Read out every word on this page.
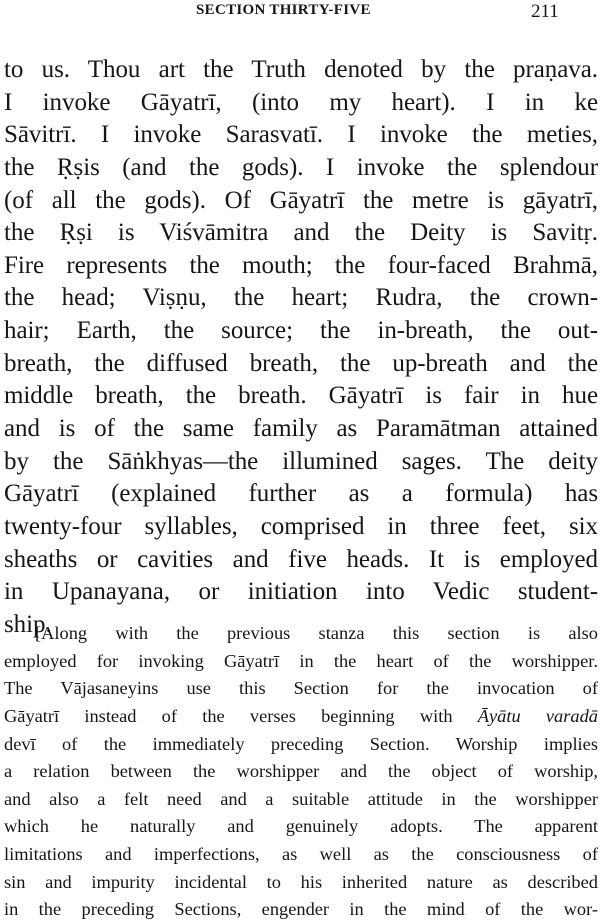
SECTION THIRTY-FIVE	211
to us. Thou art the Truth denoted by the praṇava.
I invoke Gāyatrī, (into my heart). I in ke
Sāvitrī. I invoke Sarasvatī. I invoke the meties,
the Ṛṣis (and the gods). I invoke the splendour
(of all the gods). Of Gāyatrī the metre is gāyatrī,
the Ṛṣi is Viśvāmitra and the Deity is Savitṛ.
Fire represents the mouth; the four-faced Brahmā,
the head; Viṣṇu, the heart; Rudra, the crown-
hair; Earth, the source; the in-breath, the out-
breath, the diffused breath, the up-breath and the
middle breath, the breath. Gāyatrī is fair in hue
and is of the same family as Paramātman attained
by the Sāṅkhyas—the illumined sages. The deity
Gāyatrī (explained further as a formula) has
twenty-four syllables, comprised in three feet, six
sheaths or cavities and five heads. It is employed
in Upanayana, or initiation into Vedic student-
ship.
[Along with the previous stanza this section is also
employed for invoking Gāyatrī in the heart of the worshipper.
The Vājasaneyins use this Section for the invocation of
Gāyatrī instead of the verses beginning with Āyātu varadā
devī of the immediately preceding Section. Worship implies
a relation between the worshipper and the object of worship,
and also a felt need and a suitable attitude in the worshipper
which he naturally and genuinely adopts. The apparent
limitations and imperfections, as well as the consciousness of
sin and impurity incidental to his inherited nature as described
in the preceding Sections, engender in the mind of the wor-
